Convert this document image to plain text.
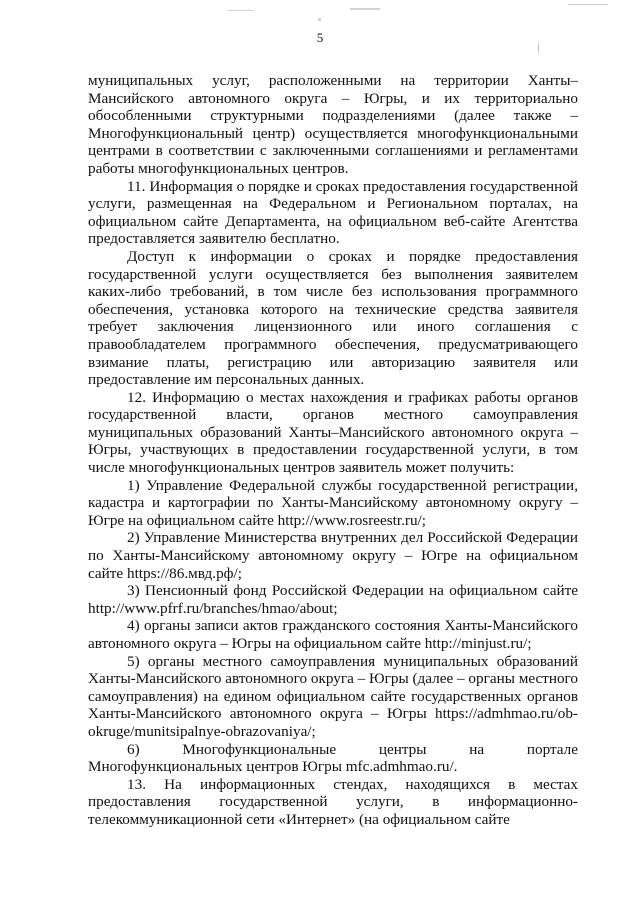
5

муниципальных услуг, расположенными на территории Ханты–Мансийского автономного округа – Югры, и их территориально обособленными структурными подразделениями (далее также – Многофункциональный центр) осуществляется многофункциональными центрами в соответствии с заключенными соглашениями и регламентами работы многофункциональных центров.

11. Информация о порядке и сроках предоставления государственной услуги, размещенная на Федеральном и Региональном порталах, на официальном сайте Департамента, на официальном веб-сайте Агентства предоставляется заявителю бесплатно.

Доступ к информации о сроках и порядке предоставления государственной услуги осуществляется без выполнения заявителем каких-либо требований, в том числе без использования программного обеспечения, установка которого на технические средства заявителя требует заключения лицензионного или иного соглашения с правообладателем программного обеспечения, предусматривающего взимание платы, регистрацию или авторизацию заявителя или предоставление им персональных данных.

12. Информацию о местах нахождения и графиках работы органов государственной власти, органов местного самоуправления муниципальных образований Ханты–Мансийского автономного округа – Югры, участвующих в предоставлении государственной услуги, в том числе многофункциональных центров заявитель может получить:

1) Управление Федеральной службы государственной регистрации, кадастра и картографии по Ханты-Мансийскому автономному округу – Югре на официальном сайте http://www.rosreestr.ru/;

2) Управление Министерства внутренних дел Российской Федерации по Ханты-Мансийскому автономному округу – Югре на официальном сайте https://86.мвд.рф/;

3) Пенсионный фонд Российской Федерации на официальном сайте http://www.pfrf.ru/branches/hmao/about;

4) органы записи актов гражданского состояния Ханты-Мансийского автономного округа – Югры на официальном сайте http://minjust.ru/;

5) органы местного самоуправления муниципальных образований Ханты-Мансийского автономного округа – Югры (далее – органы местного самоуправления) на едином официальном сайте государственных органов Ханты-Мансийского автономного округа – Югры https://admhmao.ru/ob-okruge/munitsipalnye-obrazovaniya/;

6) Многофункциональные центры на портале Многофункциональных центров Югры mfc.admhmao.ru/.

13. На информационных стендах, находящихся в местах предоставления государственной услуги, в информационно-телекоммуникационной сети «Интернет» (на официальном сайте
